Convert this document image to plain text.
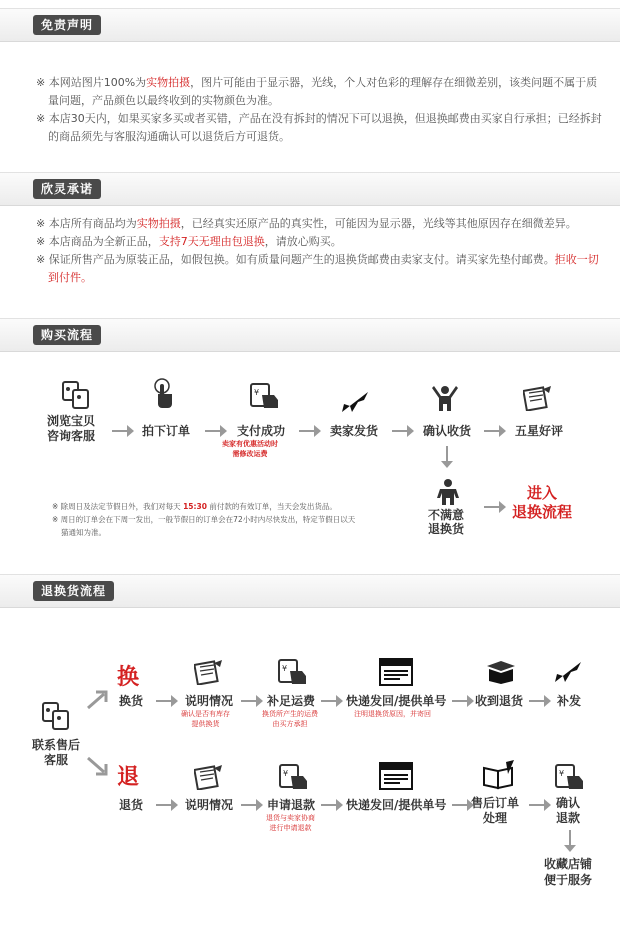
免责声明

※ 本网站图片100%为实物拍摄，图片可能由于显示器，光线，个人对色彩的理解存在细微差别，该类问题不属于质量问题，产品颜色以最终收到的实物颜色为准。

※ 本店30天内，如果买家多买或者买错，产品在没有拆封的情况下可以退换，但退换邮费由买家自行承担；已经拆封的商品须先与客服沟通确认可以退货后方可退货。

欣灵承诺

※ 本店所有商品均为实物拍摄，已经真实还原产品的真实性，可能因为显示器，光线等其他原因存在细微差异。

※ 本店商品为全新正品，支持7天无理由包退换，请放心购买。

※ 保证所售产品为原装正品，如假包换。如有质量问题产生的退换货邮费由卖家支付。请买家先垫付邮费。拒收一切到付件。

购买流程
¥
浏览宝贝
咨询客服	拍下订单	支付成功
卖家有优惠活动时
需修改运费
卖家发货	确认收货	五星好评
不满意
退换货
进入
退换流程

※ 除周日及法定节假日外，我们对每天 15:30 前付款的有效订单，当天会发出货品。

※ 周日的订单会在下周一发出，一般节假日的订单会在72小时内尽快发出，特定节假日以天猫通知为准。

退换货流程
联系售后
客服
换
换货	说明情况
确认是否有库存
提供换货
¥
补足运费
换货所产生的运费
由买方承担
快递发回/提供单号
注明退换货原因，并寄回
收到退货	补发
退
退货	说明情况
¥
申请退款
退货与卖家协商
进行申请退款
快递发回/提供单号 售后订单
处理
¥
确认
退款
收藏店铺
便于服务
